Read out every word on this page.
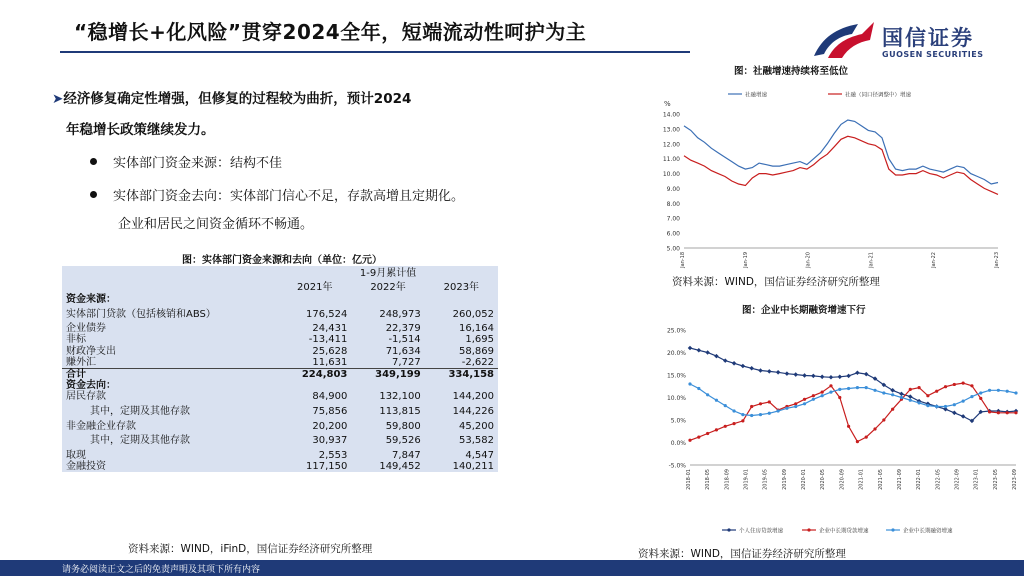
“稳增长+化风险”贯穿2024全年，短端流动性呵护为主	国信证券
GUOSEN SECURITIES
➤经济修复确定性增强，但修复的过程较为曲折，预计2024
年稳增长政策继续发力。
实体部门资金来源：结构不佳
实体部门资金去向：实体部门信心不足，存款高增且定期化。
企业和居民之间资金循环不畅通。
图：实体部门资金来源和去向（单位：亿元）
	1-9月累计值		
	2021年	2022年	2023年
资金来源：			
实体部门贷款（包括核销和ABS）	176,524	248,973	260,052
企业债券	24,431	22,379	16,164
非标	-13,411	-1,514	1,695
财政净支出	25,628	71,634	58,869
赚外汇	11,631	7,727	-2,622
合计	224,803	349,199	334,158
资金去向：			
居民存款	84,900	132,100	144,200
其中，定期及其他存款	75,856	113,815	144,226
非金融企业存款	20,200	59,800	45,200
其中，定期及其他存款	30,937	59,526	53,582
取现	2,553	7,847	4,547
金融投资	117,150	149,452	140,211
资料来源：WIND，iFinD，国信证券经济研究所整理
图：社融增速持续将至低位
14.00
13.00
12.00
11.00
10.00
9.00
8.00
7.00
6.00
5.00
%
Jan-18	Jan-19	Jan-20	Jan-21	Jan-22	Jan-23
社融增速	社融（同口径调整中）增速
资料来源：WIND，国信证券经济研究所整理
图：企业中长期融资增速下行
25.0%
20.0%
15.0%
10.0%
5.0%
0.0%
-5.0%
2018-01	2018-05	2018-09	2019-01	2019-05	2019-09	2020-01	2020-05	2020-09	2021-01	2021-05	2021-09	2022-01	2022-05	2022-09	2023-01	2023-05	2023-09
个人住房贷款增速	企业中长期贷款增速	企业中长期融资增速
资料来源：WIND，国信证券经济研究所整理
请务必阅读正文之后的免责声明及其项下所有内容
